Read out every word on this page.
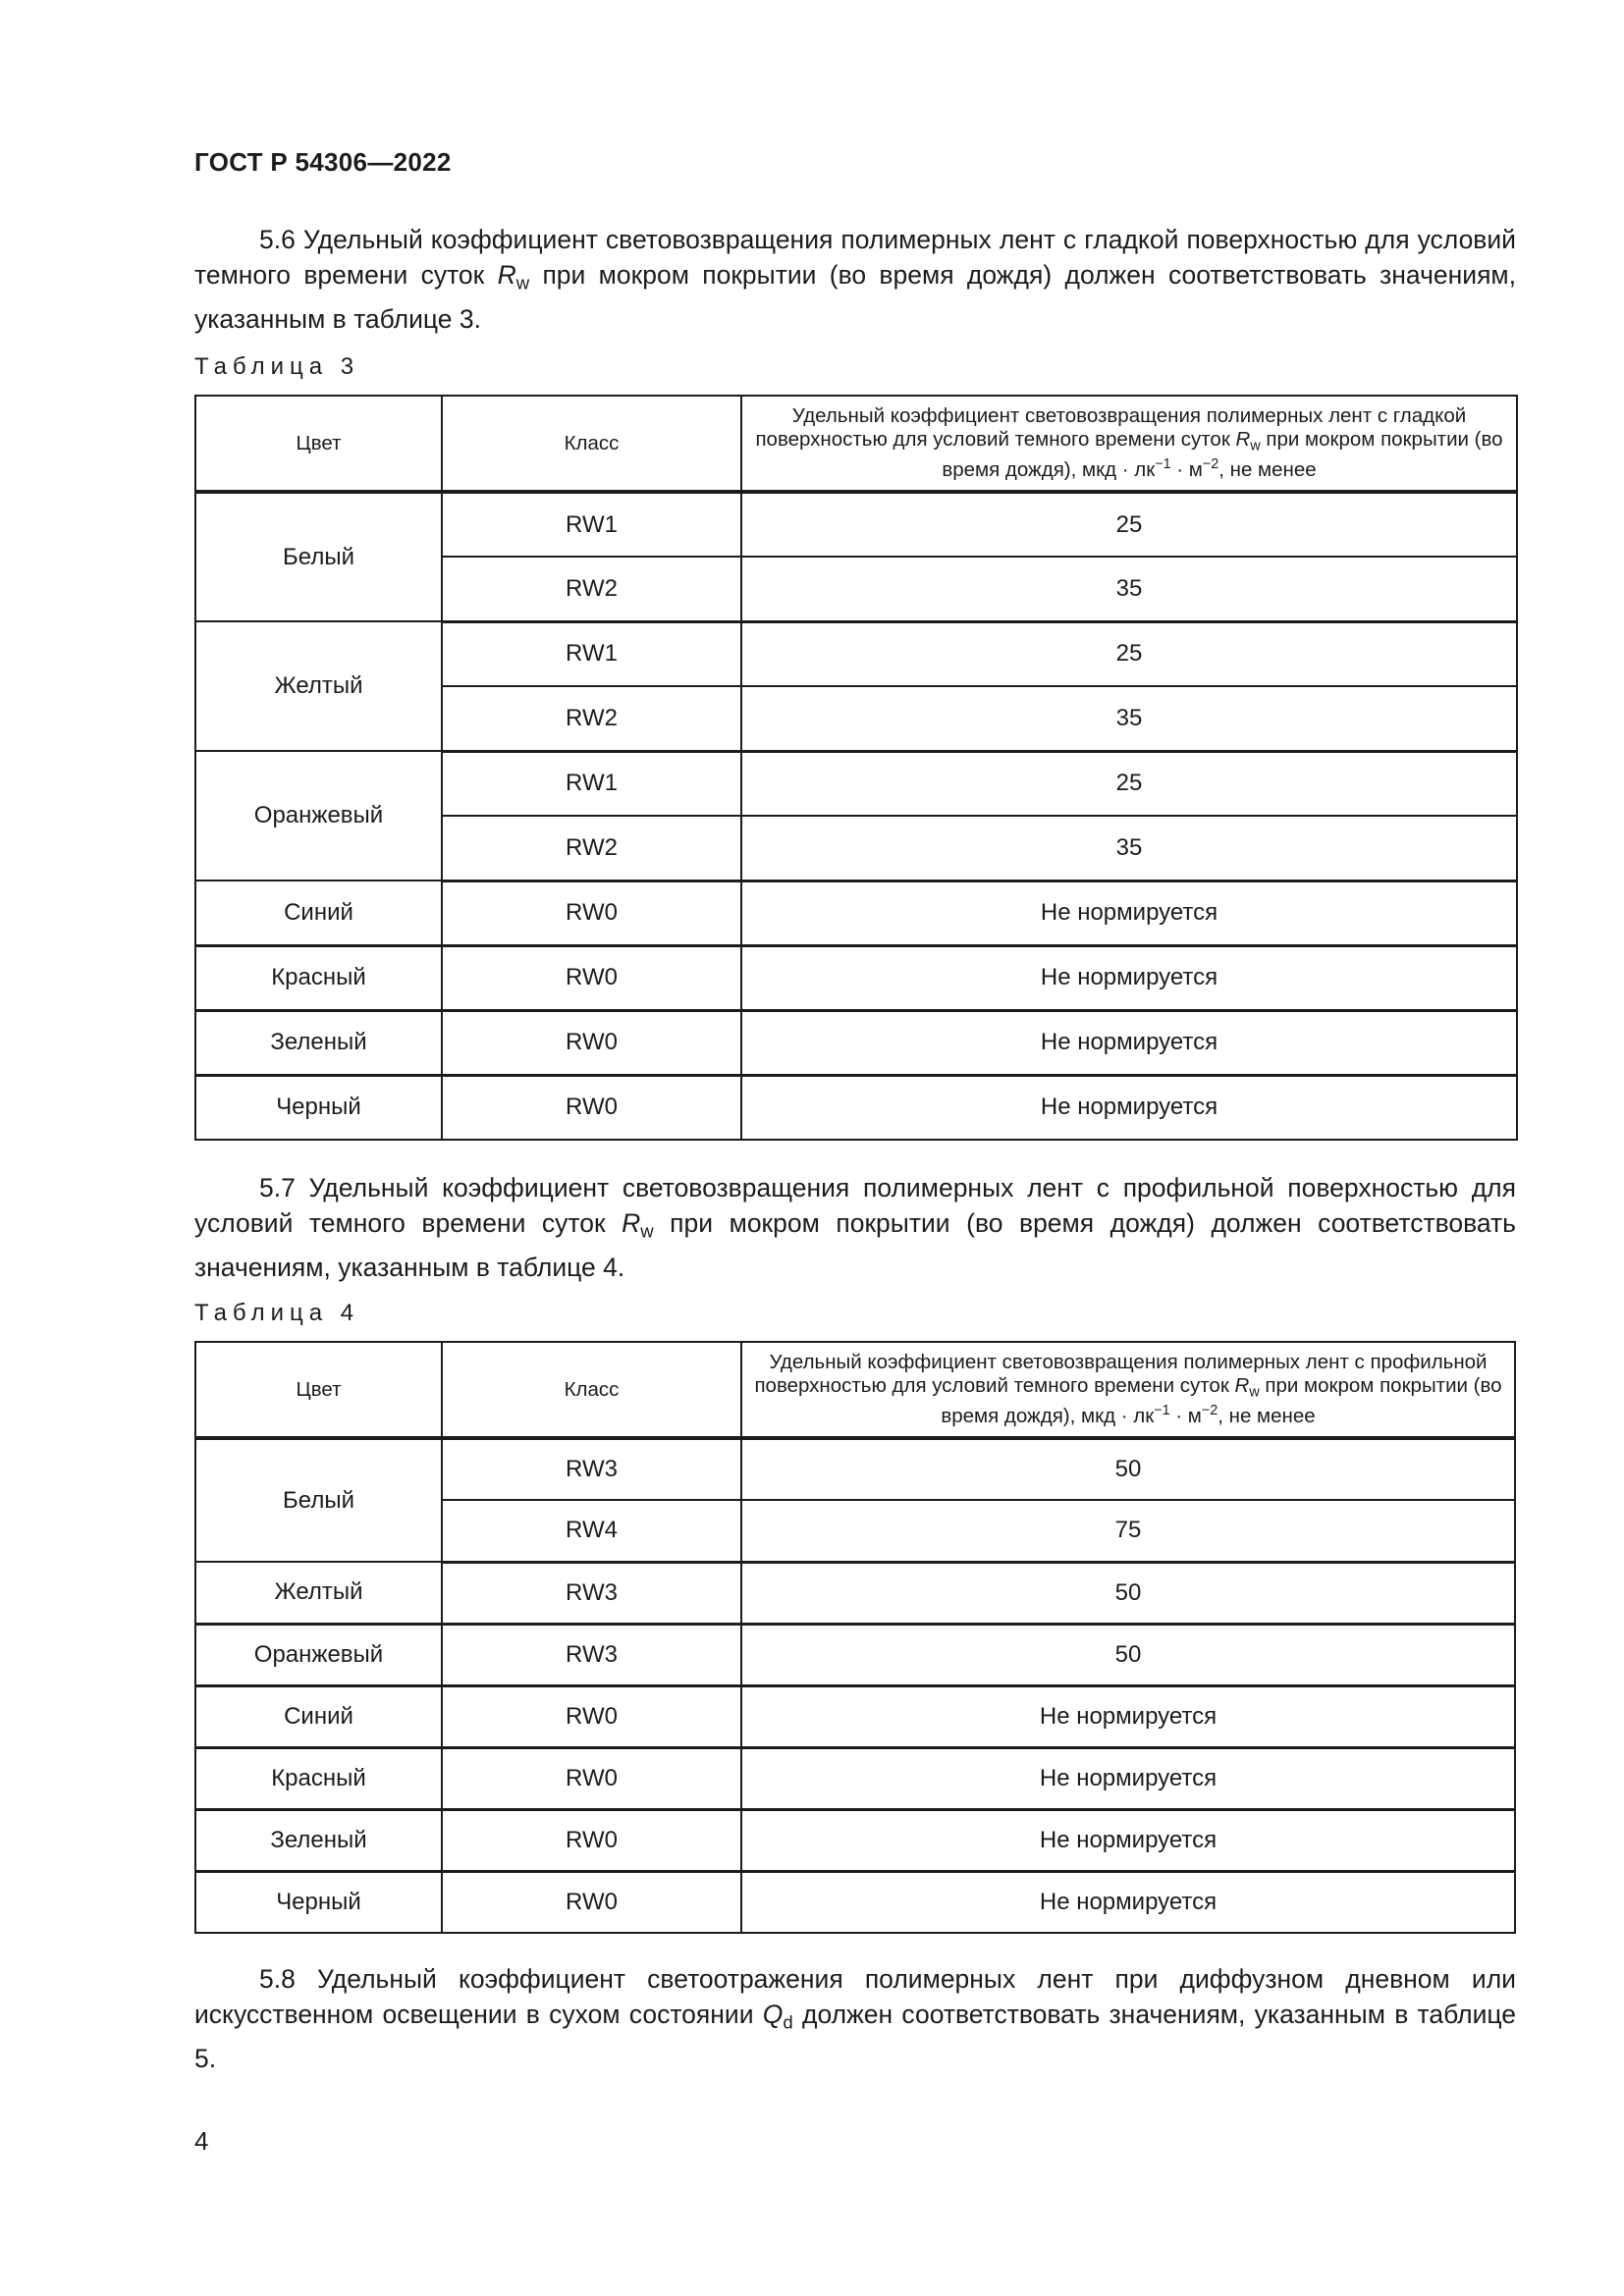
ГОСТ Р 54306—2022

5.6 Удельный коэффициент световозвращения полимерных лент с гладкой поверхностью для условий темного времени суток $R_w$ при мокром покрытии (во время дождя) должен соответствовать значениям, указанным в таблице 3.

Таблица 3
Цвет	Класс	Удельный коэффициент световозвращения полимерных лент с гладкой поверхностью для условий темного времени суток $R_w$ при мокром покрытии (во время дождя), мкд · $лк^{-1} \cdot м^{-2}$, не менее
Белый	RW1	25
	RW2	35
Желтый	RW1	25
	RW2	35
Оранжевый	RW1	25
	RW2	35
Синий	RW0	Не нормируется
Красный	RW0	Не нормируется
Зеленый	RW0	Не нормируется
Черный	RW0	Не нормируется

5.7 Удельный коэффициент световозвращения полимерных лент с профильной поверхностью для условий темного времени суток $R_w$ при мокром покрытии (во время дождя) должен соответствовать значениям, указанным в таблице 4.

Таблица 4
Цвет	Класс	Удельный коэффициент световозвращения полимерных лент с профильной поверхностью для условий темного времени суток $R_w$ при мокром покрытии (во время дождя), мкд · $лк^{-1} \cdot м^{-2}$, не менее
Белый	RW3	50
	RW4	75
Желтый	RW3	50
Оранжевый	RW3	50
Синий	RW0	Не нормируется
Красный	RW0	Не нормируется
Зеленый	RW0	Не нормируется
Черный	RW0	Не нормируется

5.8 Удельный коэффициент светоотражения полимерных лент при диффузном дневном или искусственном освещении в сухом состоянии $Q_d$ должен соответствовать значениям, указанным в таблице 5.

4
